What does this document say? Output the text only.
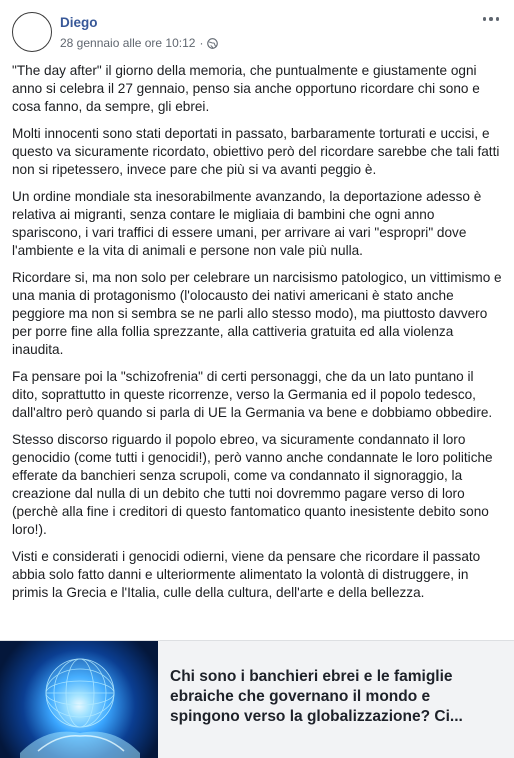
Diego
28 gennaio alle ore 10:12 ·

"The day after" il giorno della memoria, che puntualmente e giustamente ogni anno si celebra il 27 gennaio, penso sia anche opportuno ricordare chi sono e cosa fanno, da sempre, gli ebrei.

Molti innocenti sono stati deportati in passato, barbaramente torturati e uccisi, e questo va sicuramente ricordato, obiettivo però del ricordare sarebbe che tali fatti non si ripetessero, invece pare che più si va avanti peggio è.

Un ordine mondiale sta inesorabilmente avanzando, la deportazione adesso è relativa ai migranti, senza contare le migliaia di bambini che ogni anno spariscono, i vari traffici di essere umani, per arrivare ai vari "espropri" dove l'ambiente e la vita di animali e persone non vale più nulla.

Ricordare si, ma non solo per celebrare un narcisismo patologico, un vittimismo e una mania di protagonismo (l'olocausto dei nativi americani è stato anche peggiore ma non si sembra se ne parli allo stesso modo), ma piuttosto davvero per porre fine alla follia sprezzante, alla cattiveria gratuita ed alla violenza inaudita.

Fa pensare poi la "schizofrenia" di certi personaggi, che da un lato puntano il dito, soprattutto in queste ricorrenze, verso la Germania ed il popolo tedesco, dall'altro però quando si parla di UE la Germania va bene e dobbiamo obbedire.

Stesso discorso riguardo il popolo ebreo, va sicuramente condannato il loro genocidio (come tutti i genocidi!), però vanno anche condannate le loro politiche efferate da banchieri senza scrupoli, come va condannato il signoraggio, la creazione dal nulla di un debito che tutti noi dovremmo pagare verso di loro (perchè alla fine i creditori di questo fantomatico quanto inesistente debito sono loro!).

Visti e considerati i genocidi odierni, viene da pensare che ricordare il passato abbia solo fatto danni e ulteriormente alimentato la volontà di distruggere, in primis la Grecia e l'Italia, culle della cultura, dell'arte e della bellezza.

Chi sono i banchieri ebrei e le famiglie ebraiche che governano il mondo e spingono verso la globalizzazione? Ci...
